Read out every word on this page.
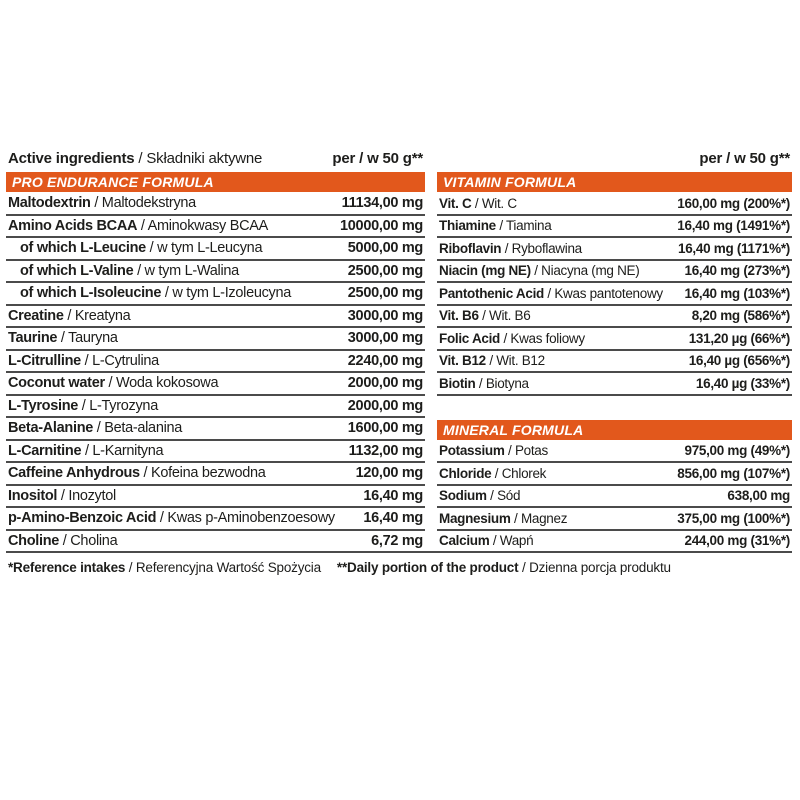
Active ingredients / Składniki aktywne	per / w 50 g**
PRO ENDURANCE FORMULA
Maltodextrin / Maltodekstryna	11134,00 mg
Amino Acids BCAA / Aminokwasy BCAA	10000,00 mg
of which L-Leucine / w tym L-Leucyna	5000,00 mg
of which L-Valine / w tym L-Walina	2500,00 mg
of which L-Isoleucine / w tym L-Izoleucyna	2500,00 mg
Creatine / Kreatyna	3000,00 mg
Taurine / Tauryna	3000,00 mg
L-Citrulline / L-Cytrulina	2240,00 mg
Coconut water / Woda kokosowa	2000,00 mg
L-Tyrosine / L-Tyrozyna	2000,00 mg
Beta-Alanine / Beta-alanina	1600,00 mg
L-Carnitine / L-Karnityna	1132,00 mg
Caffeine Anhydrous / Kofeina bezwodna	120,00 mg
Inositol / Inozytol	16,40 mg
p-Amino-Benzoic Acid / Kwas p-Aminobenzoesowy 16,40 mg
Choline / Cholina	6,72 mg
per / w 50 g**
VITAMIN FORMULA
Vit. C / Wit. C	160,00 mg (200%*)
Thiamine / Tiamina	16,40 mg (1491%*)
Riboflavin / Ryboflawina	16,40 mg (1171%*)
Niacin (mg NE) / Niacyna (mg NE)	16,40 mg (273%*)
Pantothenic Acid / Kwas pantotenowy 16,40 mg (103%*)
Vit. B6 / Wit. B6	8,20 mg (586%*)
Folic Acid / Kwas foliowy	131,20 µg (66%*)
Vit. B12 / Wit. B12	16,40 µg (656%*)
Biotin / Biotyna	16,40 µg (33%*)
MINERAL FORMULA
Potassium / Potas	975,00 mg (49%*)
Chloride / Chlorek	856,00 mg (107%*)
Sodium / Sód	638,00 mg
Magnesium / Magnez	375,00 mg (100%*)
Calcium / Wapń	244,00 mg (31%*)
*Reference intakes / Referencyjna Wartość Spożycia **Daily portion of the product / Dzienna porcja produktu
